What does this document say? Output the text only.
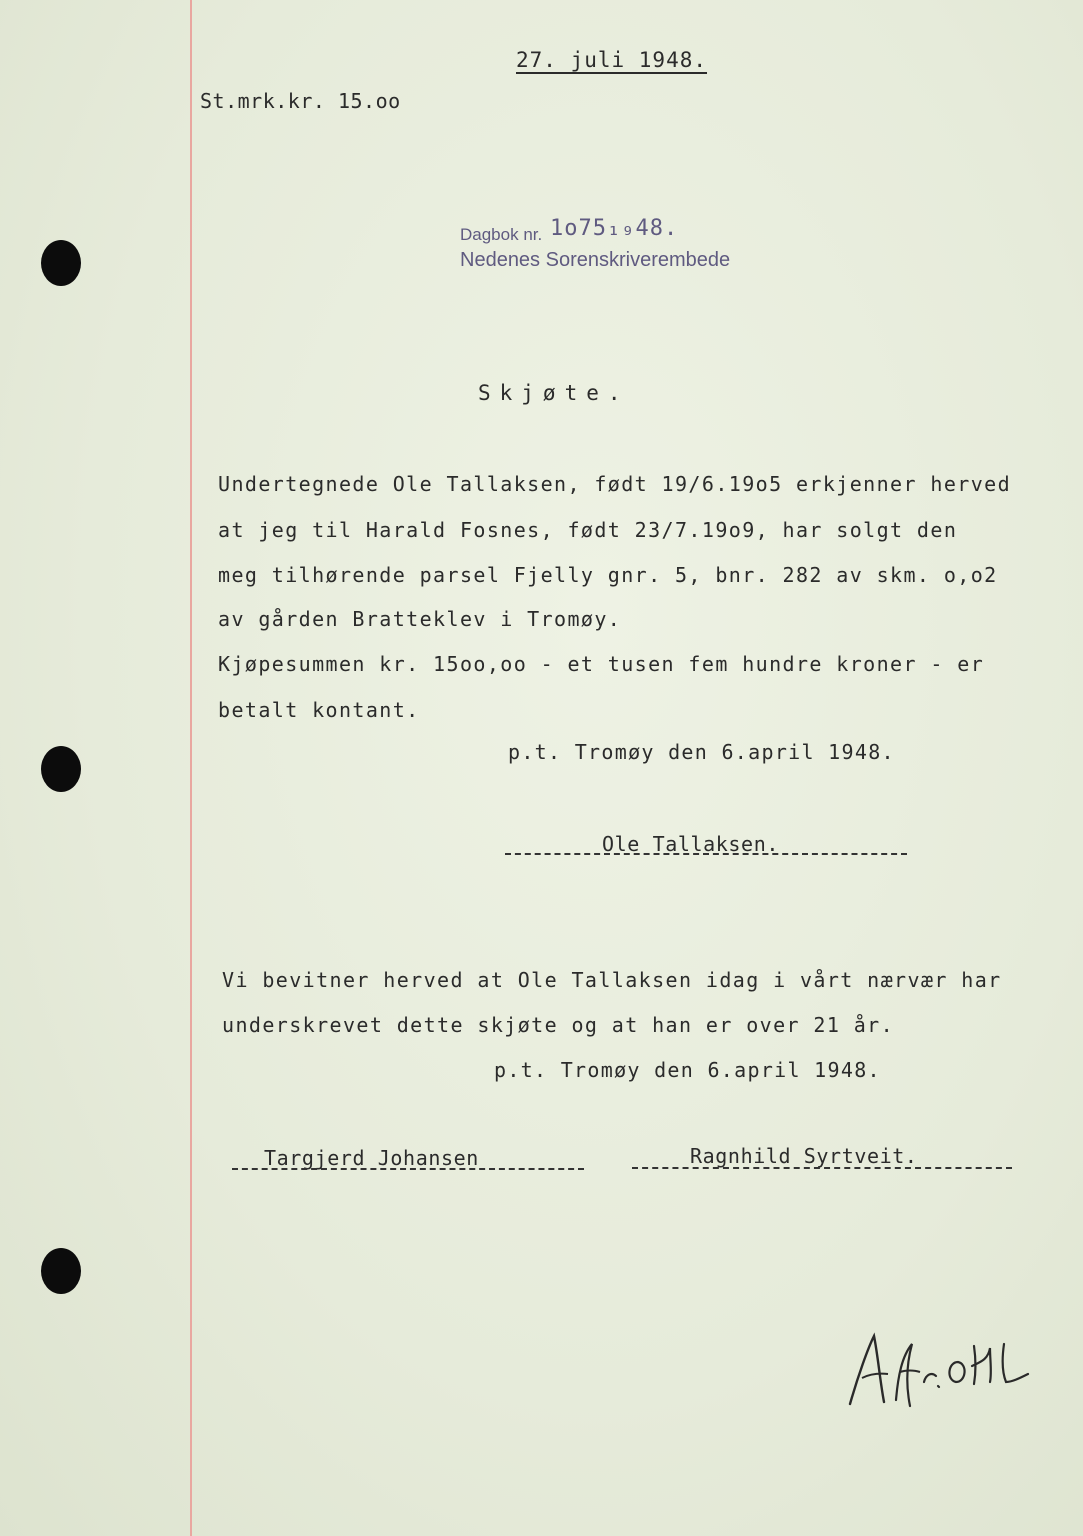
27. juli 1948.
St.mrk.kr. 15.oo
Dagbok nr. 1o75₁₉48.
Nedenes Sorenskriverembede
Skjøte.
Undertegnede Ole Tallaksen, født 19/6.19o5 erkjenner herved
at jeg til Harald Fosnes, født 23/7.19o9, har solgt den
meg tilhørende parsel Fjelly gnr. 5, bnr. 282 av skm. o,o2
av gården Bratteklev i Tromøy.
Kjøpesummen kr. 15oo,oo - et tusen fem hundre kroner - er
betalt kontant.
p.t. Tromøy den 6.april 1948.
Ole Tallaksen.
Vi bevitner herved at Ole Tallaksen idag i vårt nærvær har
underskrevet dette skjøte og at han er over 21 år.
p.t. Tromøy den 6.april 1948.
Targjerd Johansen	Ragnhild Syrtveit.
